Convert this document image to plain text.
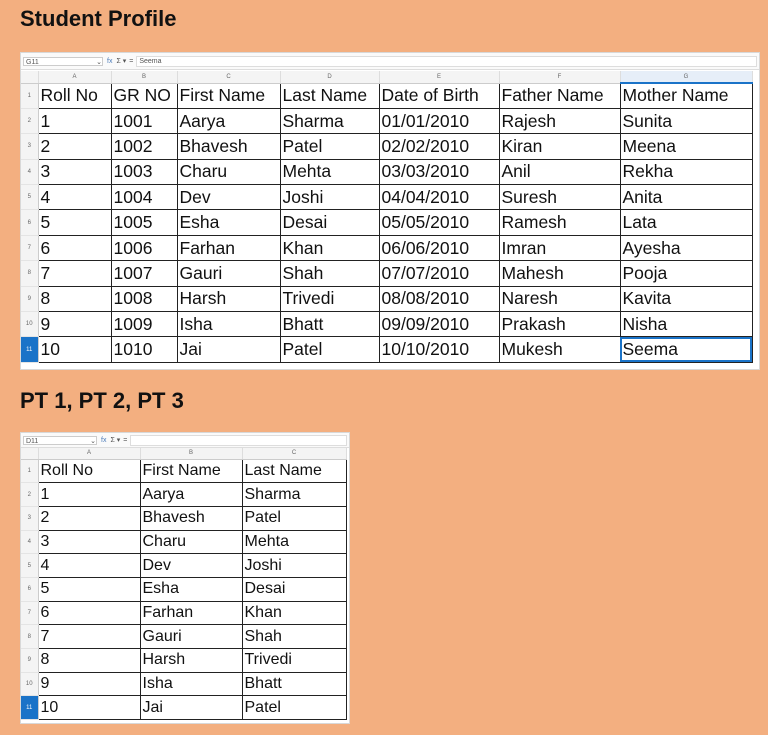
Student Profile
G11	⌄ fx Σ ▾ = Seemа
	A	B	C	D	E	F	G
1	Roll No	GR NO	First Name	Last Name	Date of Birth	Father Name	Mother Name
2	1	1001	Aarya	Sharma	01/01/2010	Rajesh	Sunita
3	2	1002	Bhavesh	Patel	02/02/2010	Kiran	Meena
4	3	1003	Charu	Mehta	03/03/2010	Anil	Rekha
5	4	1004	Dev	Joshi	04/04/2010	Suresh	Anita
6	5	1005	Esha	Desai	05/05/2010	Ramesh	Lata
7	6	1006	Farhan	Khan	06/06/2010	Imran	Ayesha
8	7	1007	Gauri	Shah	07/07/2010	Mahesh	Pooja
9	8	1008	Harsh	Trivedi	08/08/2010	Naresh	Kavita
10	9	1009	Isha	Bhatt	09/09/2010	Prakash	Nisha
11	10	1010	Jai	Patel	10/10/2010	Mukesh	Seema
PT 1, PT 2, PT 3
D11	⌄ fx Σ ▾ =
	A	B	C
1	Roll No	First Name	Last Name
2	1	Aarya	Sharma
3	2	Bhavesh	Patel
4	3	Charu	Mehta
5	4	Dev	Joshi
6	5	Esha	Desai
7	6	Farhan	Khan
8	7	Gauri	Shah
9	8	Harsh	Trivedi
10	9	Isha	Bhatt
11	10	Jai	Patel
